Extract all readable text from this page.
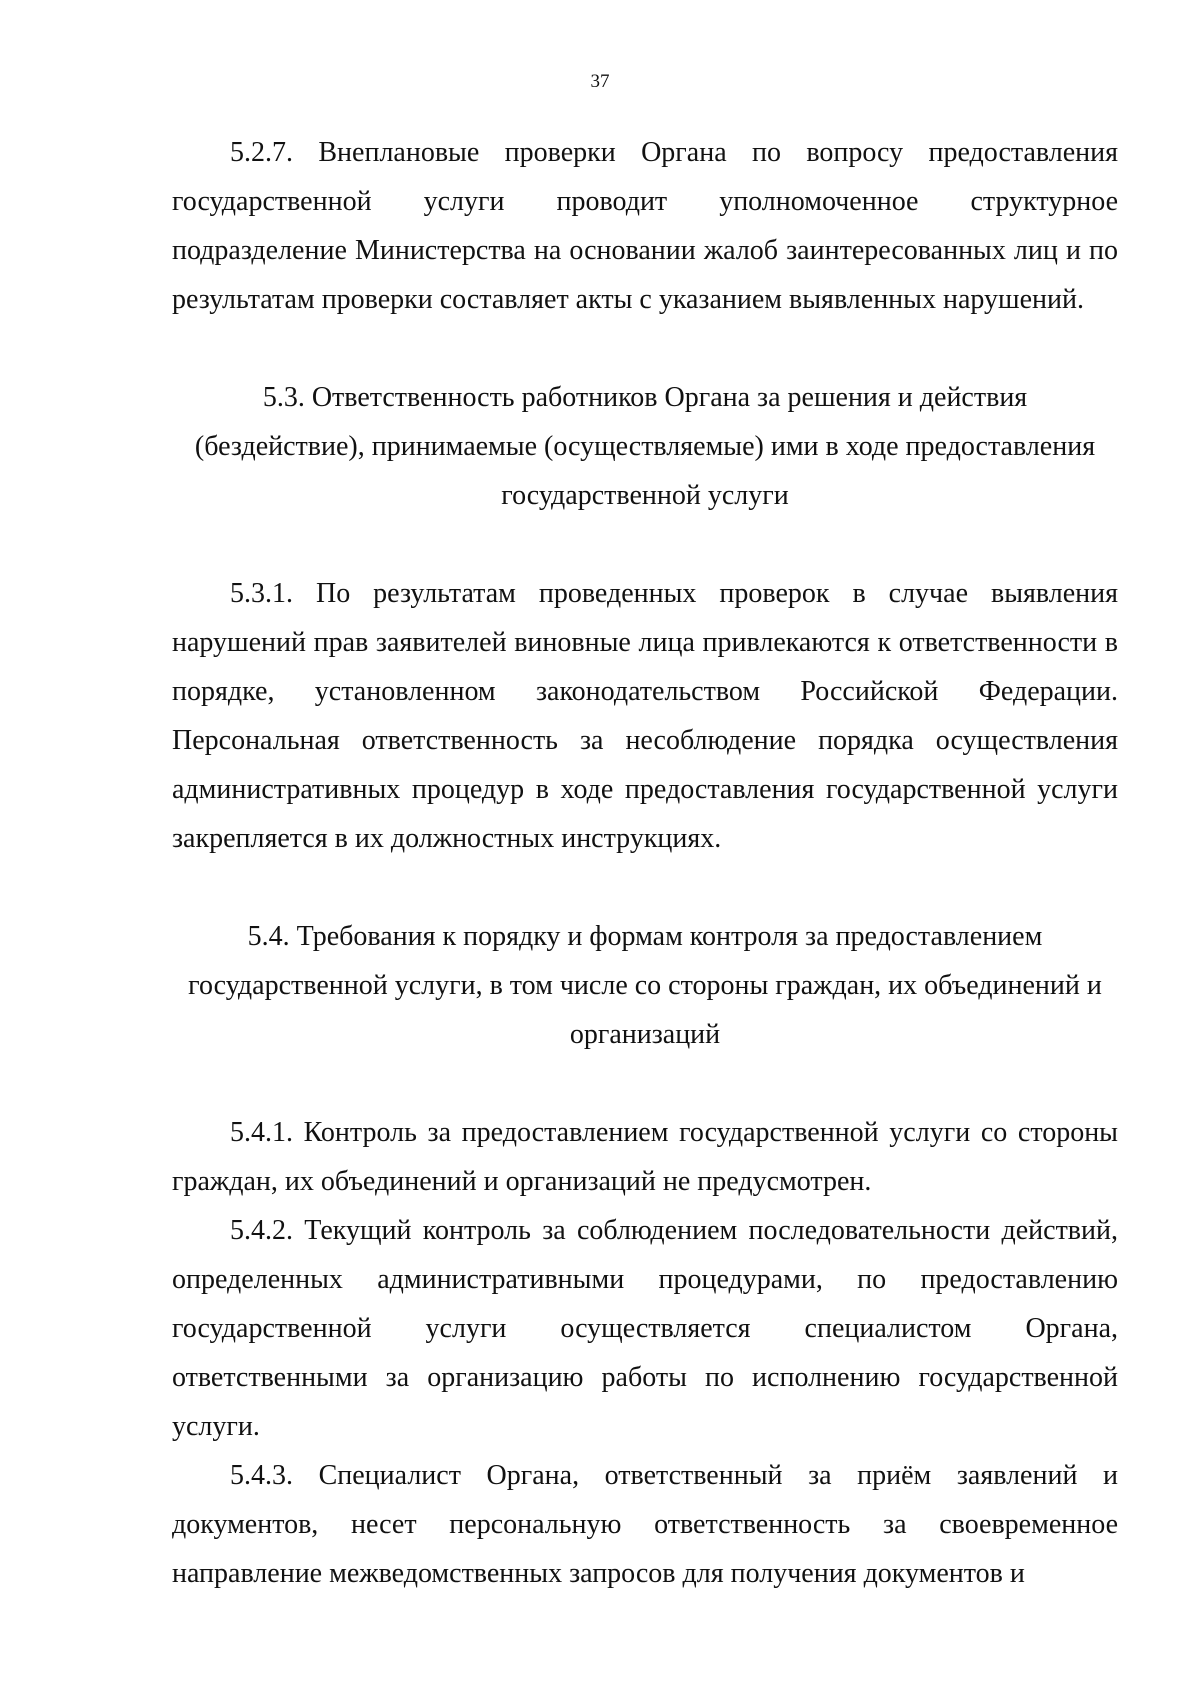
37

5.2.7. Внеплановые проверки Органа по вопросу предоставления государственной услуги проводит уполномоченное структурное подразделение Министерства на основании жалоб заинтересованных лиц и по результатам проверки составляет акты с указанием выявленных нарушений.

5.3. Ответственность работников Органа за решения и действия (бездействие), принимаемые (осуществляемые) ими в ходе предоставления государственной услуги

5.3.1. По результатам проведенных проверок в случае выявления нарушений прав заявителей виновные лица привлекаются к ответственности в порядке, установленном законодательством Российской Федерации. Персональная ответственность за несоблюдение порядка осуществления административных процедур в ходе предоставления государственной услуги закрепляется в их должностных инструкциях.

5.4. Требования к порядку и формам контроля за предоставлением государственной услуги, в том числе со стороны граждан, их объединений и организаций

5.4.1. Контроль за предоставлением государственной услуги со стороны граждан, их объединений и организаций не предусмотрен.

5.4.2. Текущий контроль за соблюдением последовательности действий, определенных административными процедурами, по предоставлению государственной услуги осуществляется специалистом Органа, ответственными за организацию работы по исполнению государственной услуги.

5.4.3. Специалист Органа, ответственный за приём заявлений и документов, несет персональную ответственность за своевременное направление межведомственных запросов для получения документов и
